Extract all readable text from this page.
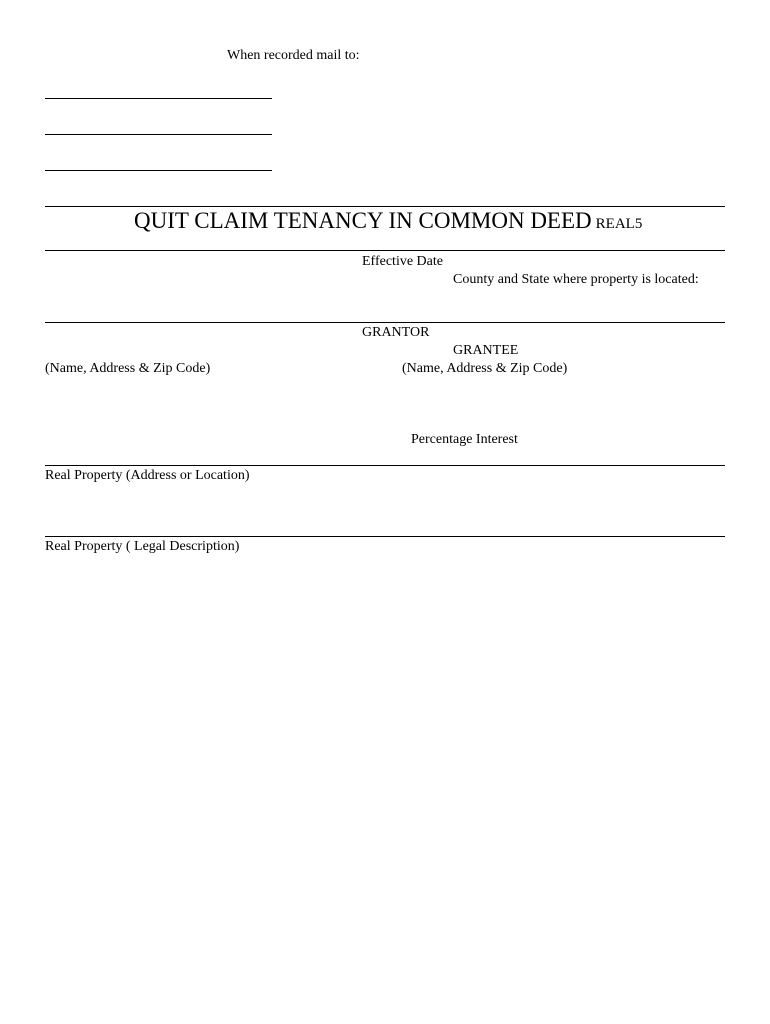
When recorded mail to:
QUIT CLAIM TENANCY IN COMMON DEED REAL5
Effective Date
County and State where property is located:
GRANTOR
GRANTEE
(Name, Address & Zip Code)	(Name, Address & Zip Code)
Percentage Interest
Real Property (Address or Location)
Real Property ( Legal Description)
